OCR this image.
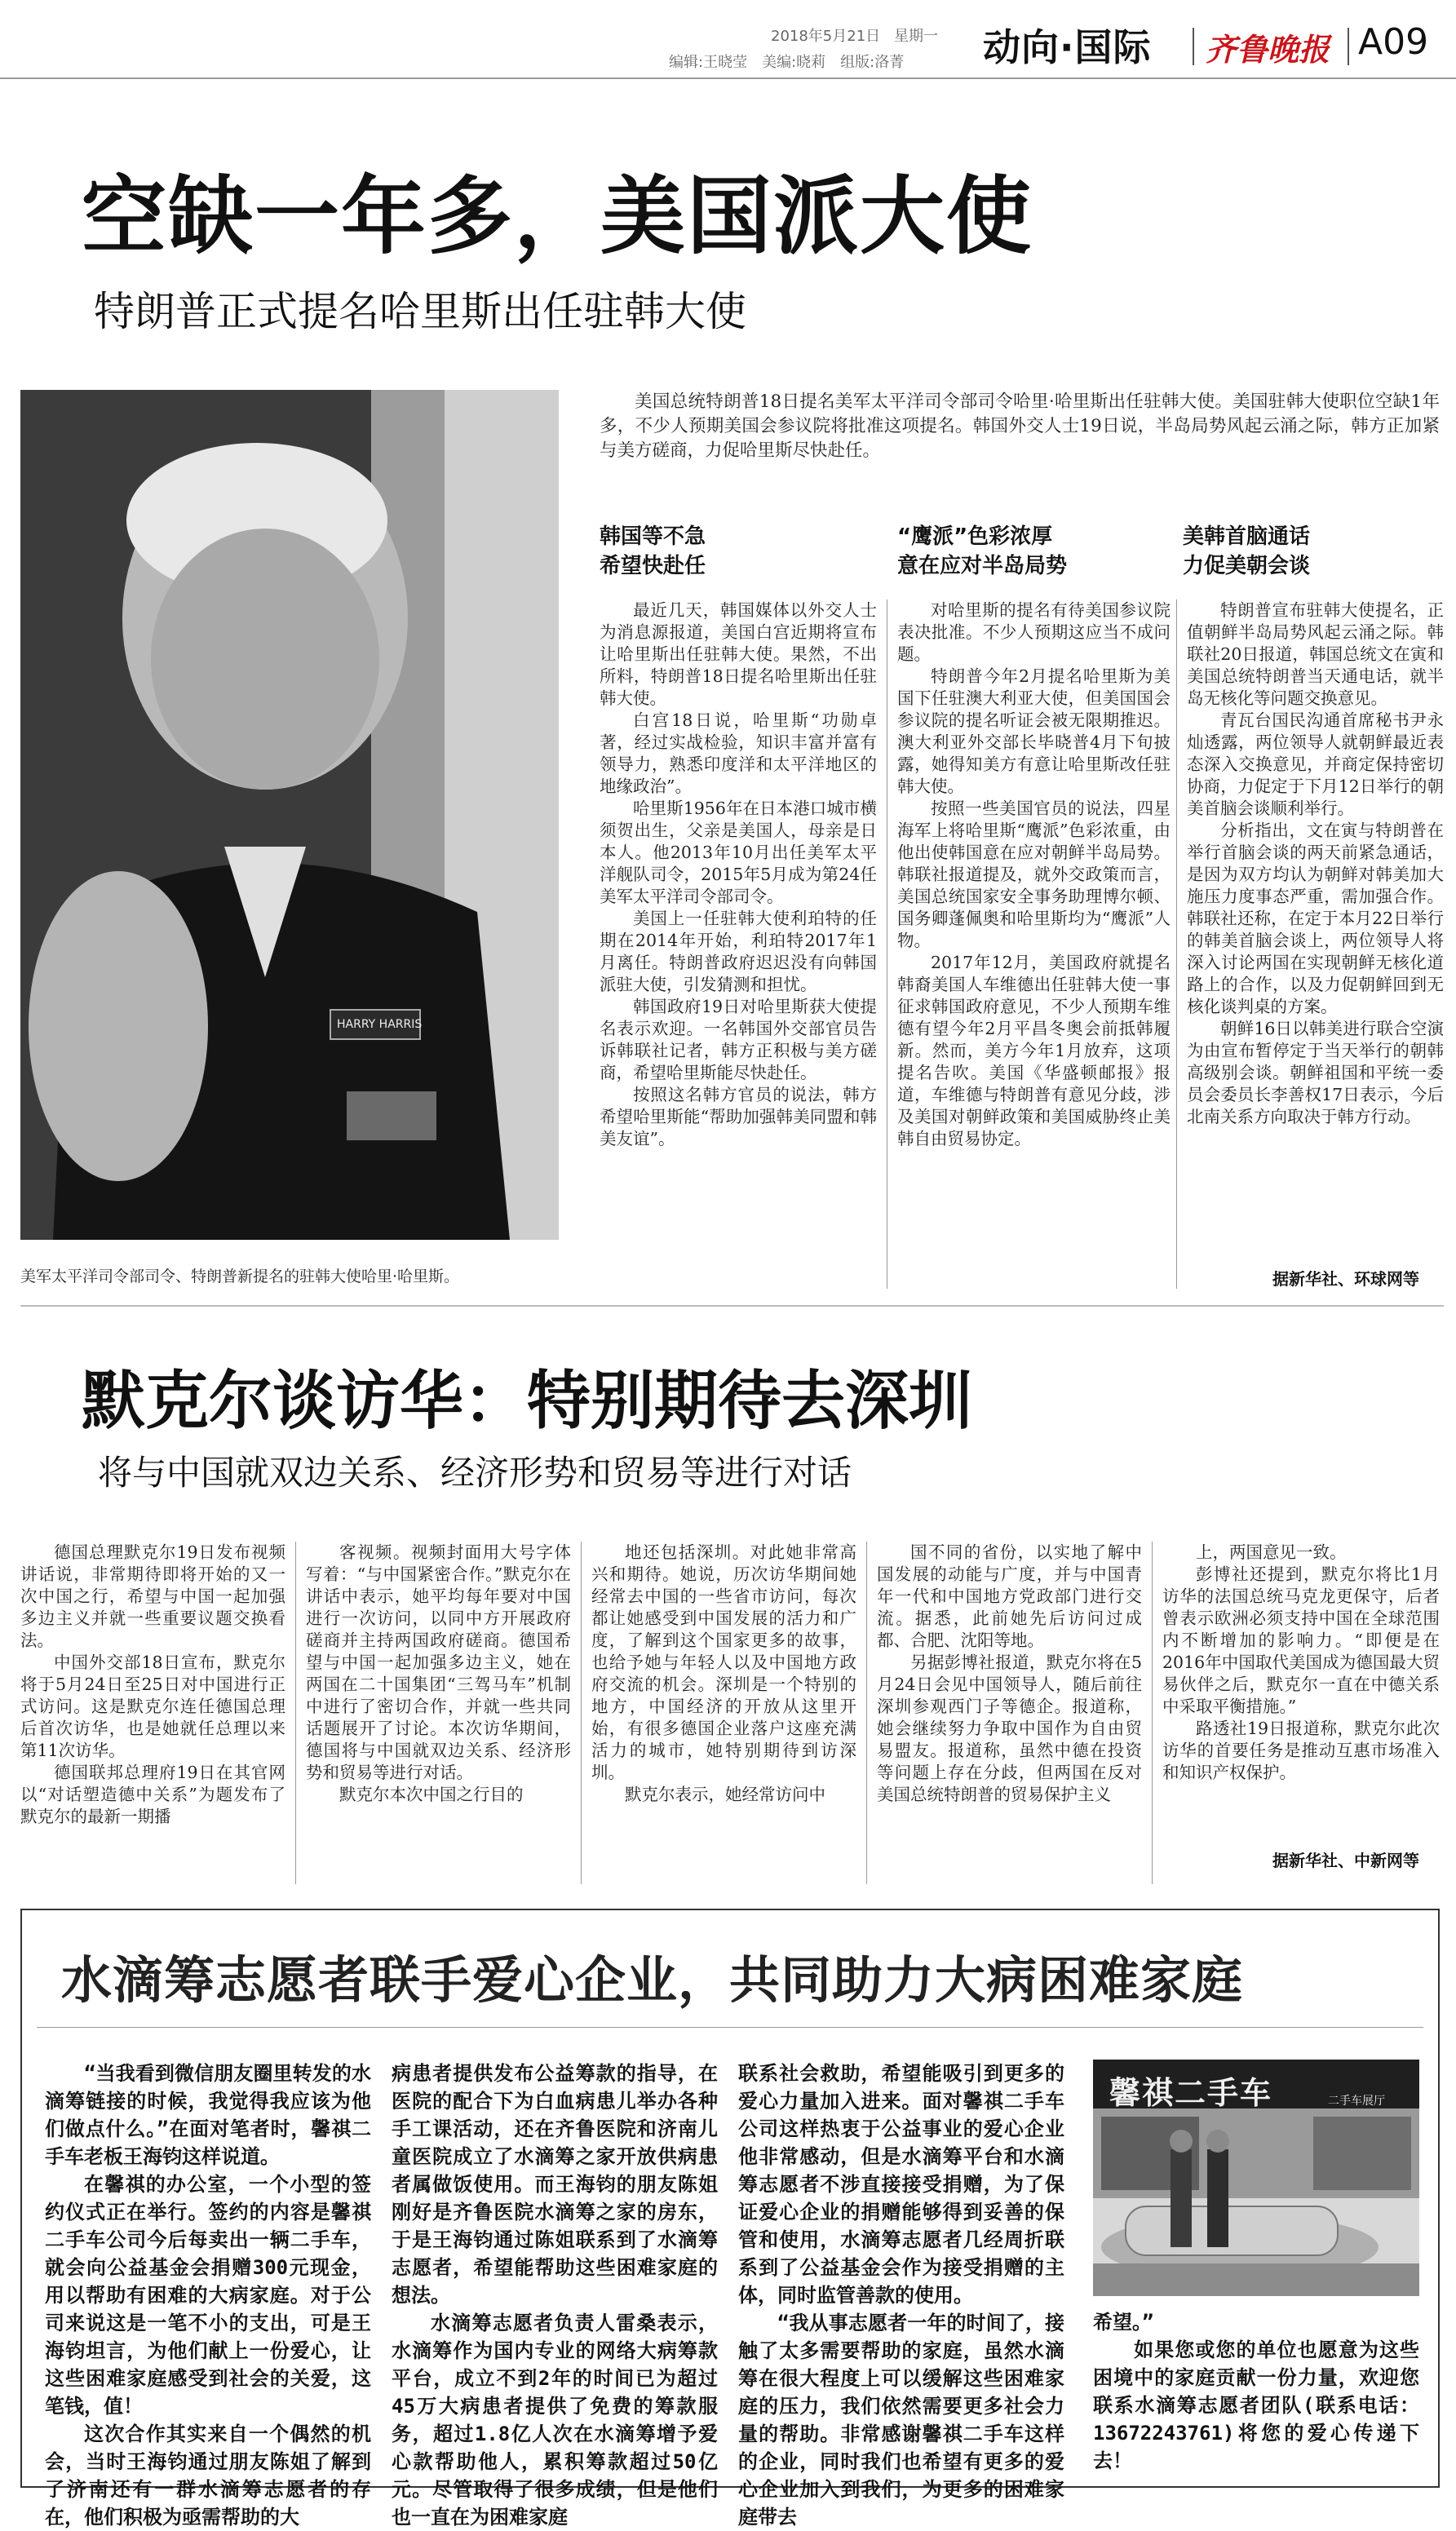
2018年5月21日 星期一
编辑:王晓莹　美编:晓莉　组版:洛菁 动向·国际 齐鲁晚报 A09
空缺一年多，美国派大使
特朗普正式提名哈里斯出任驻韩大使
HARRY HARRIS
美军太平洋司令部司令、特朗普新提名的驻韩大使哈里·哈里斯。
美国总统特朗普18日提名美军太平洋司令部司令哈里·哈里斯出任驻韩大使。美国驻韩大使职位空缺1年多，不少人预期美国会参议院将批准这项提名。韩国外交人士19日说，半岛局势风起云涌之际，韩方正加紧与美方磋商，力促哈里斯尽快赴任。
韩国等不急
希望快赴任
“鹰派”色彩浓厚
意在应对半岛局势
美韩首脑通话
力促美朝会谈

最近几天，韩国媒体以外交人士为消息源报道，美国白宫近期将宣布让哈里斯出任驻韩大使。果然，不出所料，特朗普18日提名哈里斯出任驻韩大使。

白宫18日说，哈里斯“功勋卓著，经过实战检验，知识丰富并富有领导力，熟悉印度洋和太平洋地区的地缘政治”。

哈里斯1956年在日本港口城市横须贺出生，父亲是美国人，母亲是日本人。他2013年10月出任美军太平洋舰队司令，2015年5月成为第24任美军太平洋司令部司令。

美国上一任驻韩大使利珀特的任期在2014年开始，利珀特2017年1月离任。特朗普政府迟迟没有向韩国派驻大使，引发猜测和担忧。

韩国政府19日对哈里斯获大使提名表示欢迎。一名韩国外交部官员告诉韩联社记者，韩方正积极与美方磋商，希望哈里斯能尽快赴任。

按照这名韩方官员的说法，韩方希望哈里斯能“帮助加强韩美同盟和韩美友谊”。

对哈里斯的提名有待美国参议院表决批准。不少人预期这应当不成问题。

特朗普今年2月提名哈里斯为美国下任驻澳大利亚大使，但美国国会参议院的提名听证会被无限期推迟。澳大利亚外交部长毕晓普4月下旬披露，她得知美方有意让哈里斯改任驻韩大使。

按照一些美国官员的说法，四星海军上将哈里斯“鹰派”色彩浓重，由他出使韩国意在应对朝鲜半岛局势。韩联社报道提及，就外交政策而言，美国总统国家安全事务助理博尔顿、国务卿蓬佩奥和哈里斯均为“鹰派”人物。

2017年12月，美国政府就提名韩裔美国人车维德出任驻韩大使一事征求韩国政府意见，不少人预期车维德有望今年2月平昌冬奥会前抵韩履新。然而，美方今年1月放弃，这项提名告吹。美国《华盛顿邮报》报道，车维德与特朗普有意见分歧，涉及美国对朝鲜政策和美国威胁终止美韩自由贸易协定。

特朗普宣布驻韩大使提名，正值朝鲜半岛局势风起云涌之际。韩联社20日报道，韩国总统文在寅和美国总统特朗普当天通电话，就半岛无核化等问题交换意见。

青瓦台国民沟通首席秘书尹永灿透露，两位领导人就朝鲜最近表态深入交换意见，并商定保持密切协商，力促定于下月12日举行的朝美首脑会谈顺利举行。

分析指出，文在寅与特朗普在举行首脑会谈的两天前紧急通话，是因为双方均认为朝鲜对韩美加大施压力度事态严重，需加强合作。韩联社还称，在定于本月22日举行的韩美首脑会谈上，两位领导人将深入讨论两国在实现朝鲜无核化道路上的合作，以及力促朝鲜回到无核化谈判桌的方案。

朝鲜16日以韩美进行联合空演为由宣布暂停定于当天举行的朝韩高级别会谈。朝鲜祖国和平统一委员会委员长李善权17日表示，今后北南关系方向取决于韩方行动。

据新华社、环球网等
默克尔谈访华：特别期待去深圳
将与中国就双边关系、经济形势和贸易等进行对话

德国总理默克尔19日发布视频讲话说，非常期待即将开始的又一次中国之行，希望与中国一起加强多边主义并就一些重要议题交换看法。

中国外交部18日宣布，默克尔将于5月24日至25日对中国进行正式访问。这是默克尔连任德国总理后首次访华，也是她就任总理以来第11次访华。

德国联邦总理府19日在其官网以“对话塑造德中关系”为题发布了默克尔的最新一期播

客视频。视频封面用大号字体写着：“与中国紧密合作。”默克尔在讲话中表示，她平均每年要对中国进行一次访问，以同中方开展政府磋商并主持两国政府磋商。德国希望与中国一起加强多边主义，她在两国在二十国集团“三驾马车”机制中进行了密切合作，并就一些共同话题展开了讨论。本次访华期间，德国将与中国就双边关系、经济形势和贸易等进行对话。

默克尔本次中国之行目的

地还包括深圳。对此她非常高兴和期待。她说，历次访华期间她经常去中国的一些省市访问，每次都让她感受到中国发展的活力和广度，了解到这个国家更多的故事，也给予她与年轻人以及中国地方政府交流的机会。深圳是一个特别的地方，中国经济的开放从这里开始，有很多德国企业落户这座充满活力的城市，她特别期待到访深圳。

默克尔表示，她经常访问中

国不同的省份，以实地了解中国发展的动能与广度，并与中国青年一代和中国地方党政部门进行交流。据悉，此前她先后访问过成都、合肥、沈阳等地。

另据彭博社报道，默克尔将在5月24日会见中国领导人，随后前往深圳参观西门子等德企。报道称，她会继续努力争取中国作为自由贸易盟友。报道称，虽然中德在投资等问题上存在分歧，但两国在反对美国总统特朗普的贸易保护主义

上，两国意见一致。

彭博社还提到，默克尔将比1月访华的法国总统马克龙更保守，后者曾表示欧洲必须支持中国在全球范围内不断增加的影响力。“即便是在2016年中国取代美国成为德国最大贸易伙伴之后，默克尔一直在中德关系中采取平衡措施。”

路透社19日报道称，默克尔此次访华的首要任务是推动互惠市场准入和知识产权保护。

据新华社、中新网等
水滴筹志愿者联手爱心企业，共同助力大病困难家庭

“当我看到微信朋友圈里转发的水滴筹链接的时候，我觉得我应该为他们做点什么。”在面对笔者时，馨祺二手车老板王海钧这样说道。

在馨祺的办公室，一个小型的签约仪式正在举行。签约的内容是馨祺二手车公司今后每卖出一辆二手车，就会向公益基金会捐赠300元现金，用以帮助有困难的大病家庭。对于公司来说这是一笔不小的支出，可是王海钧坦言，为他们献上一份爱心，让这些困难家庭感受到社会的关爱，这笔钱，值！

这次合作其实来自一个偶然的机会，当时王海钧通过朋友陈姐了解到了济南还有一群水滴筹志愿者的存在，他们积极为亟需帮助的大

病患者提供发布公益筹款的指导，在医院的配合下为白血病患儿举办各种手工课活动，还在齐鲁医院和济南儿童医院成立了水滴筹之家开放供病患者属做饭使用。而王海钧的朋友陈姐刚好是齐鲁医院水滴筹之家的房东，于是王海钧通过陈姐联系到了水滴筹志愿者，希望能帮助这些困难家庭的想法。

水滴筹志愿者负责人雷桑表示，水滴筹作为国内专业的网络大病筹款平台，成立不到2年的时间已为超过45万大病患者提供了免费的筹款服务，超过1.8亿人次在水滴筹增予爱心款帮助他人，累积筹款超过50亿元。尽管取得了很多成绩，但是他们也一直在为困难家庭

联系社会救助，希望能吸引到更多的爱心力量加入进来。面对馨祺二手车公司这样热衷于公益事业的爱心企业他非常感动，但是水滴筹平台和水滴筹志愿者不涉直接接受捐赠，为了保证爱心企业的捐赠能够得到妥善的保管和使用，水滴筹志愿者几经周折联系到了公益基金会作为接受捐赠的主体，同时监管善款的使用。

“我从事志愿者一年的时间了，接触了太多需要帮助的家庭，虽然水滴筹在很大程度上可以缓解这些困难家庭的压力，我们依然需要更多社会力量的帮助。非常感谢馨祺二手车这样的企业，同时我们也希望有更多的爱心企业加入到我们，为更多的困难家庭带去

馨祺二手车	二手车展厅
希望。”
　　如果您或您的单位也愿意为这些困境中的家庭贡献一份力量，欢迎您联系水滴筹志愿者团队(联系电话：13672243761)将您的爱心传递下去！
